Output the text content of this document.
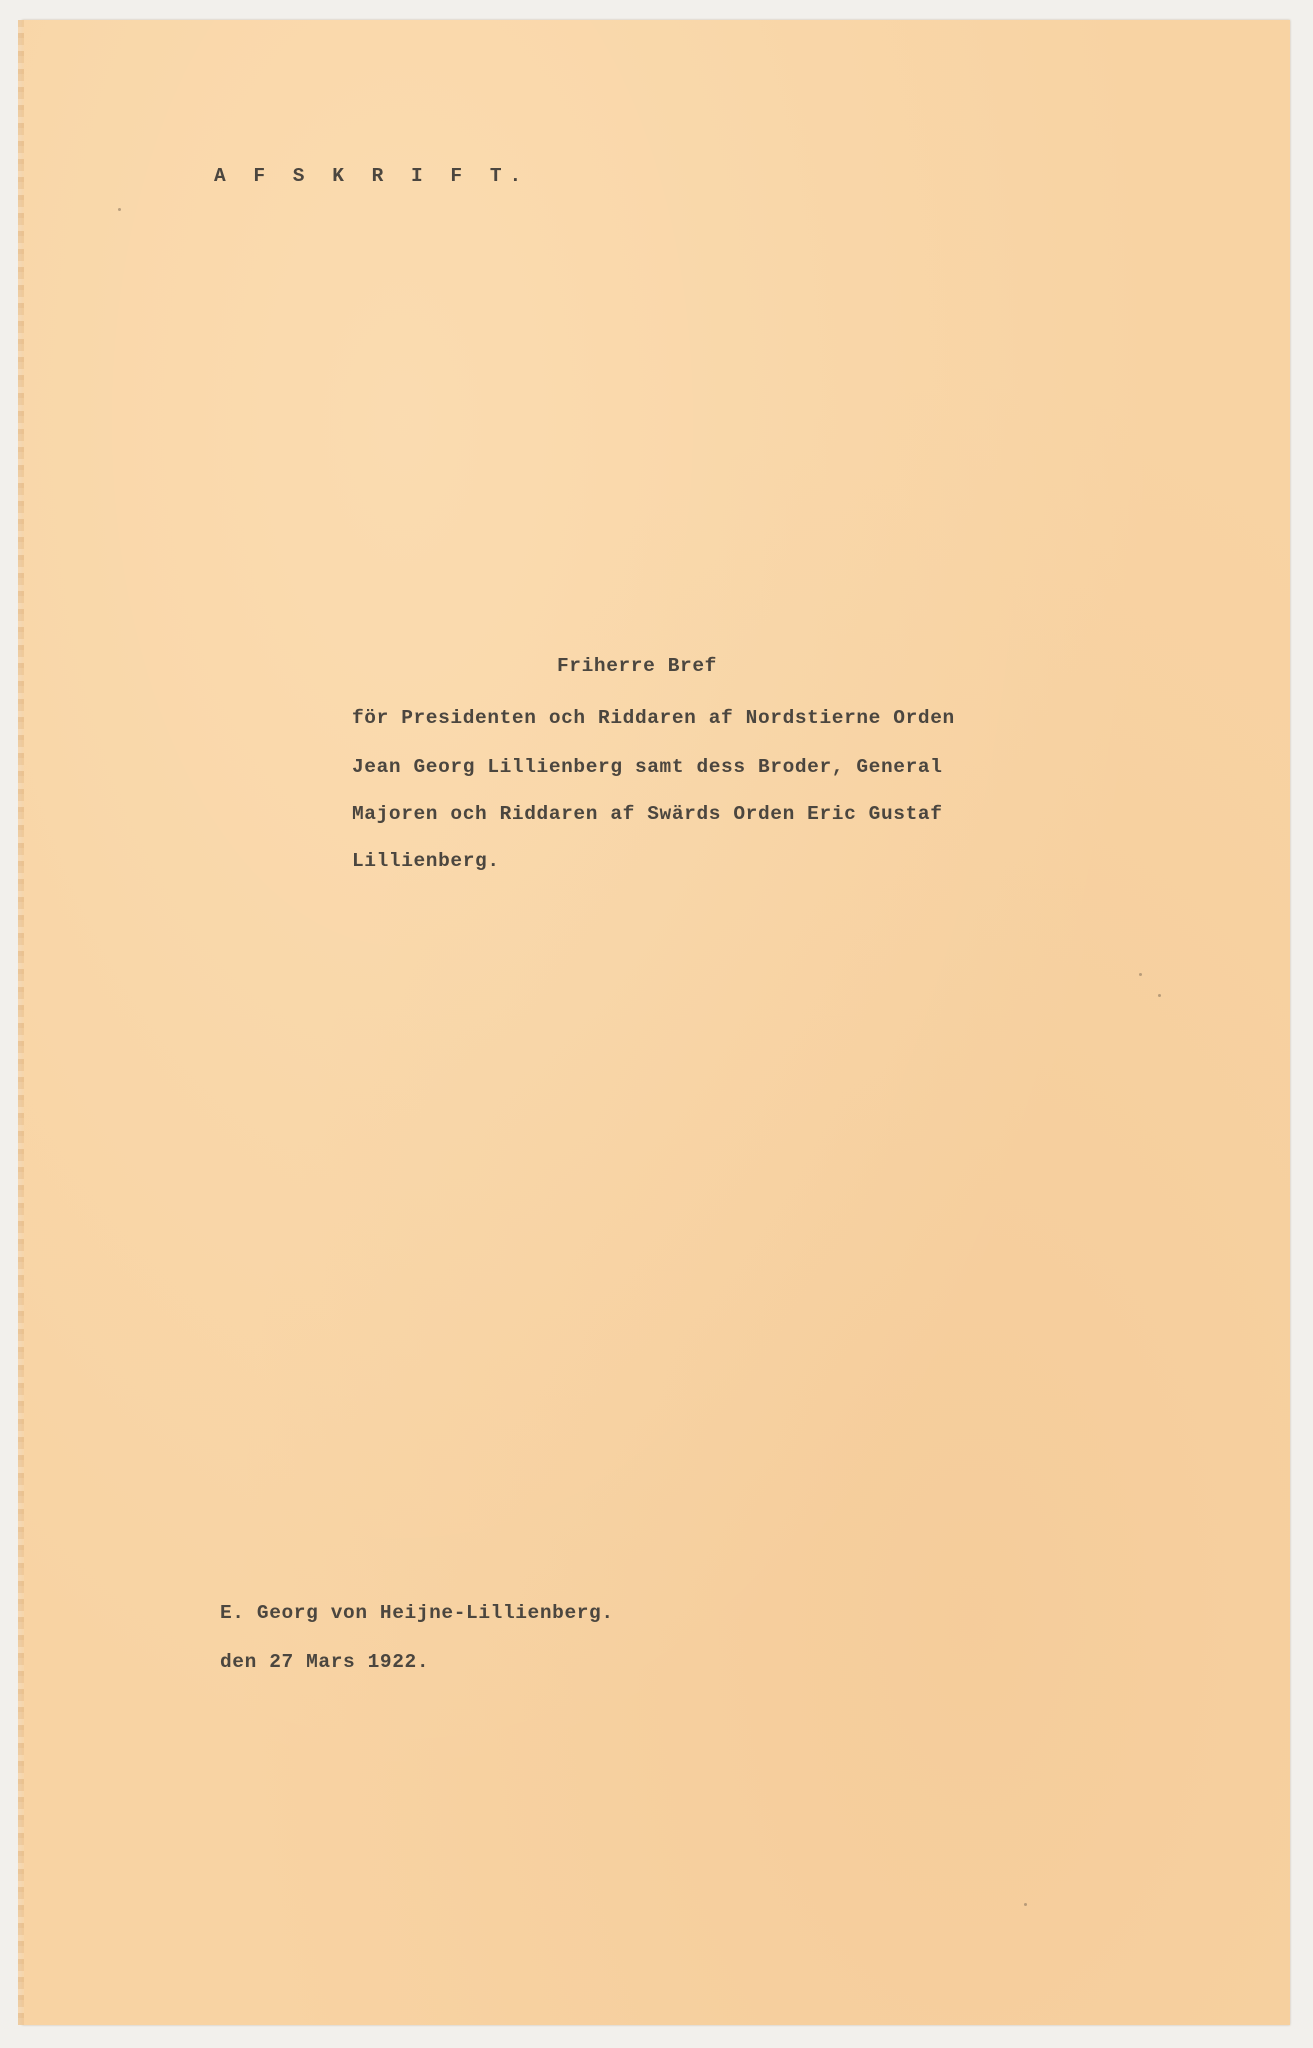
A F S K R I F T.
Friherre Bref
för Presidenten och Riddaren af Nordstierne Orden
Jean Georg Lillienberg samt dess Broder, General
Majoren och Riddaren af Swärds Orden Eric Gustaf
Lillienberg.
E. Georg von Heijne-Lillienberg.
den 27 Mars 1922.
